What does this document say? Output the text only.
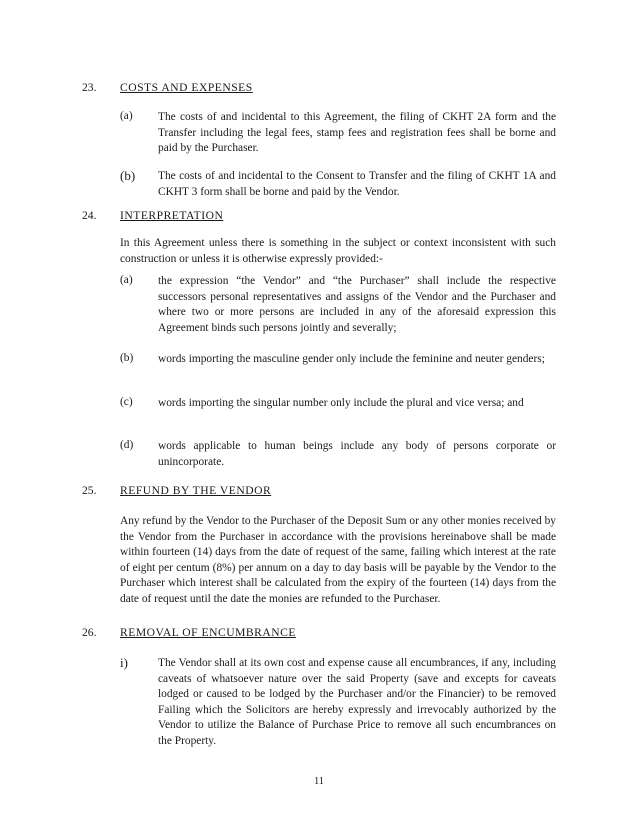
23. COSTS AND EXPENSES
(a) The costs of and incidental to this Agreement, the filing of CKHT 2A form and the Transfer including the legal fees, stamp fees and registration fees shall be borne and paid by the Purchaser.
(b) The costs of and incidental to the Consent to Transfer and the filing of CKHT 1A and CKHT 3 form shall be borne and paid by the Vendor.
24. INTERPRETATION
In this Agreement unless there is something in the subject or context inconsistent with such construction or unless it is otherwise expressly provided:-
(a) the expression “the Vendor” and “the Purchaser” shall include the respective successors personal representatives and assigns of the Vendor and the Purchaser and where two or more persons are included in any of the aforesaid expression this Agreement binds such persons jointly and severally;
(b) words importing the masculine gender only include the feminine and neuter genders;
(c) words importing the singular number only include the plural and vice versa; and
(d) words applicable to human beings include any body of persons corporate or unincorporate.
25. REFUND BY THE VENDOR
Any refund by the Vendor to the Purchaser of the Deposit Sum or any other monies received by the Vendor from the Purchaser in accordance with the provisions hereinabove shall be made within fourteen (14) days from the date of request of the same, failing which interest at the rate of eight per centum (8%) per annum on a day to day basis will be payable by the Vendor to the Purchaser which interest shall be calculated from the expiry of the fourteen (14) days from the date of request until the date the monies are refunded to the Purchaser.
26. REMOVAL OF ENCUMBRANCE
i)	The Vendor shall at its own cost and expense cause all encumbrances, if any, including caveats of whatsoever nature over the said Property (save and excepts for caveats lodged or caused to be lodged by the Purchaser and/or the Financier) to be removed Failing which the Solicitors are hereby expressly and irrevocably authorized by the Vendor to utilize the Balance of Purchase Price to remove all such encumbrances on the Property.
11
